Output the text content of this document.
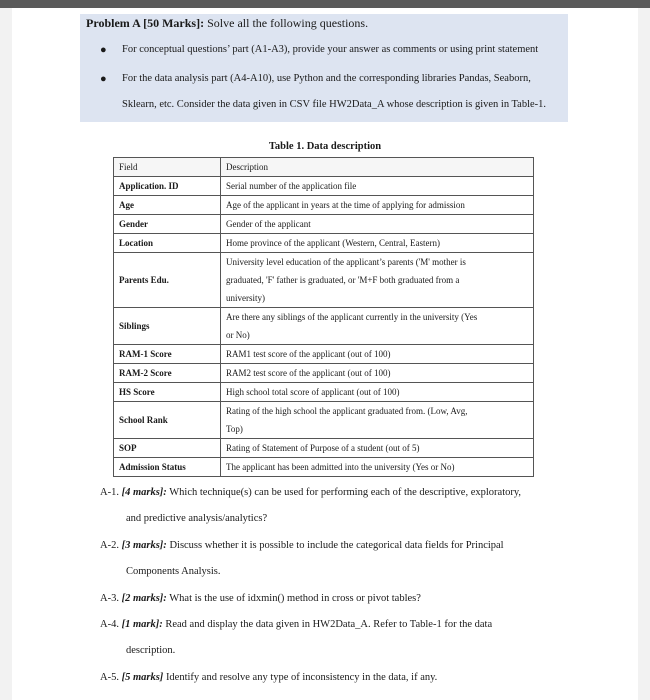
Problem A [50 Marks]: Solve all the following questions.
● For conceptual questions’ part (A1-A3), provide your answer as comments or using print statement
● For the data analysis part (A4-A10), use Python and the corresponding libraries Pandas, Seaborn,
Sklearn, etc. Consider the data given in CSV file HW2Data_A whose description is given in Table-1.
Table 1. Data description
Field	Description
Application. ID	Serial number of the application file

Age	Age of the applicant in years at the time of applying for admission

Gender	Gender of the applicant

Location	Home province of the applicant (Western, Central, Eastern)

Parents Edu.	University level education of the applicant’s parents ('M' mother is
graduated, 'F' father is graduated, or 'M+F both graduated from a
university)

Siblings	Are there any siblings of the applicant currently in the university (Yes
or No)

RAM-1 Score	RAM1 test score of the applicant (out of 100)

RAM-2 Score	RAM2 test score of the applicant (out of 100)

HS Score	High school total score of applicant (out of 100)

School Rank	Rating of the high school the applicant graduated from. (Low, Avg,
Top)

SOP	Rating of Statement of Purpose of a student (out of 5)

Admission Status	The applicant has been admitted into the university (Yes or No)
A-1. [4 marks]: Which technique(s) can be used for performing each of the descriptive, exploratory,
and predictive analysis/analytics?
A-2. [3 marks]: Discuss whether it is possible to include the categorical data fields for Principal
Components Analysis.
A-3. [2 marks]: What is the use of idxmin() method in cross or pivot tables?
A-4. [1 mark]: Read and display the data given in HW2Data_A. Refer to Table-1 for the data
description.
A-5. [5 marks] Identify and resolve any type of inconsistency in the data, if any.
